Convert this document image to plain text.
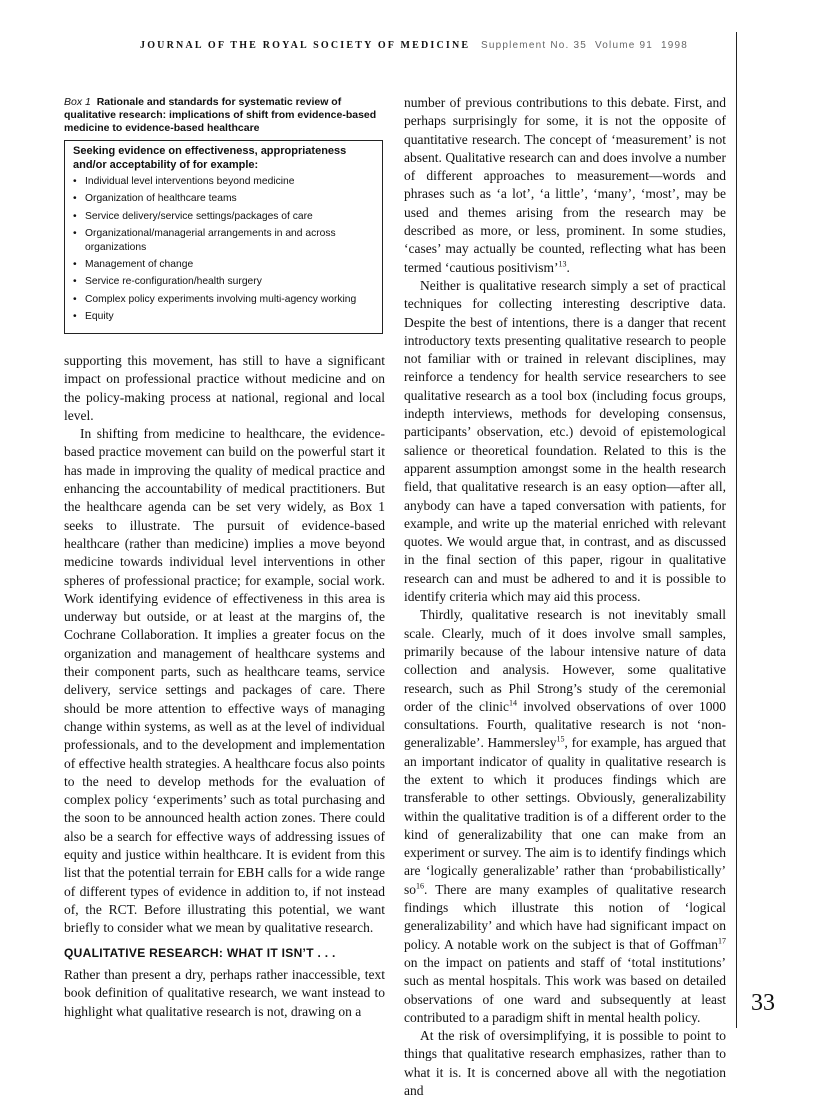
JOURNAL OF THE ROYAL SOCIETY OF MEDICINE Supplement No. 35 Volume 91 1998
33
Box 1 Rationale and standards for systematic review of qualitative research: implications of shift from evidence-based medicine to evidence-based healthcare
Seeking evidence on effectiveness, appropriateness and/or acceptability of for example:
• Individual level interventions beyond medicine
• Organization of healthcare teams
• Service delivery/service settings/packages of care
• Organizational/managerial arrangements in and across organizations
• Management of change
• Service re-configuration/health surgery
• Complex policy experiments involving multi-agency working
• Equity

supporting this movement, has still to have a significant impact on professional practice without medicine and on the policy-making process at national, regional and local level.

In shifting from medicine to healthcare, the evidence-based practice movement can build on the powerful start it has made in improving the quality of medical practice and enhancing the accountability of medical practitioners. But the healthcare agenda can be set very widely, as Box 1 seeks to illustrate. The pursuit of evidence-based healthcare (rather than medicine) implies a move beyond medicine towards individual level interventions in other spheres of professional practice; for example, social work. Work identifying evidence of effectiveness in this area is underway but outside, or at least at the margins of, the Cochrane Collaboration. It implies a greater focus on the organization and management of healthcare systems and their component parts, such as healthcare teams, service delivery, service settings and packages of care. There should be more attention to effective ways of managing change within systems, as well as at the level of individual professionals, and to the development and implementation of effective health strategies. A healthcare focus also points to the need to develop methods for the evaluation of complex policy ‘experiments’ such as total purchasing and the soon to be announced health action zones. There could also be a search for effective ways of addressing issues of equity and justice within healthcare. It is evident from this list that the potential terrain for EBH calls for a wide range of different types of evidence in addition to, if not instead of, the RCT. Before illustrating this potential, we want briefly to consider what we mean by qualitative research.

QUALITATIVE RESEARCH: WHAT IT ISN’T . . .

Rather than present a dry, perhaps rather inaccessible, text book definition of qualitative research, we want instead to highlight what qualitative research is not, drawing on a

number of previous contributions to this debate. First, and perhaps surprisingly for some, it is not the opposite of quantitative research. The concept of ‘measurement’ is not absent. Qualitative research can and does involve a number of different approaches to measurement—words and phrases such as ‘a lot’, ‘a little’, ‘many’, ‘most’, may be used and themes arising from the research may be described as more, or less, prominent. In some studies, ‘cases’ may actually be counted, reflecting what has been termed ‘cautious positivism’$^{13}$.

Neither is qualitative research simply a set of practical techniques for collecting interesting descriptive data. Despite the best of intentions, there is a danger that recent introductory texts presenting qualitative research to people not familiar with or trained in relevant disciplines, may reinforce a tendency for health service researchers to see qualitative research as a tool box (including focus groups, indepth interviews, methods for developing consensus, participants’ observation, etc.) devoid of epistemological salience or theoretical foundation. Related to this is the apparent assumption amongst some in the health research field, that qualitative research is an easy option—after all, anybody can have a taped conversation with patients, for example, and write up the material enriched with relevant quotes. We would argue that, in contrast, and as discussed in the final section of this paper, rigour in qualitative research can and must be adhered to and it is possible to identify criteria which may aid this process.

Thirdly, qualitative research is not inevitably small scale. Clearly, much of it does involve small samples, primarily because of the labour intensive nature of data collection and analysis. However, some qualitative research, such as Phil Strong’s study of the ceremonial order of the clinic$^{14}$ involved observations of over 1000 consultations. Fourth, qualitative research is not ‘non-generalizable’. Hammersley$^{15}$, for example, has argued that an important indicator of quality in qualitative research is the extent to which it produces findings which are transferable to other settings. Obviously, generalizability within the qualitative tradition is of a different order to the kind of generalizability that one can make from an experiment or survey. The aim is to identify findings which are ‘logically generalizable’ rather than ‘probabilistically’ $so^{16}$. There are many examples of qualitative research findings which illustrate this notion of ‘logical generalizability’ and which have had significant impact on policy. A notable work on the subject is that of Goffman$^{17}$ on the impact on patients and staff of ‘total institutions’ such as mental hospitals. This work was based on detailed observations of one ward and subsequently at least contributed to a paradigm shift in mental health policy.

At the risk of oversimplifying, it is possible to point to things that qualitative research emphasizes, rather than to what it is. It is concerned above all with the negotiation and
